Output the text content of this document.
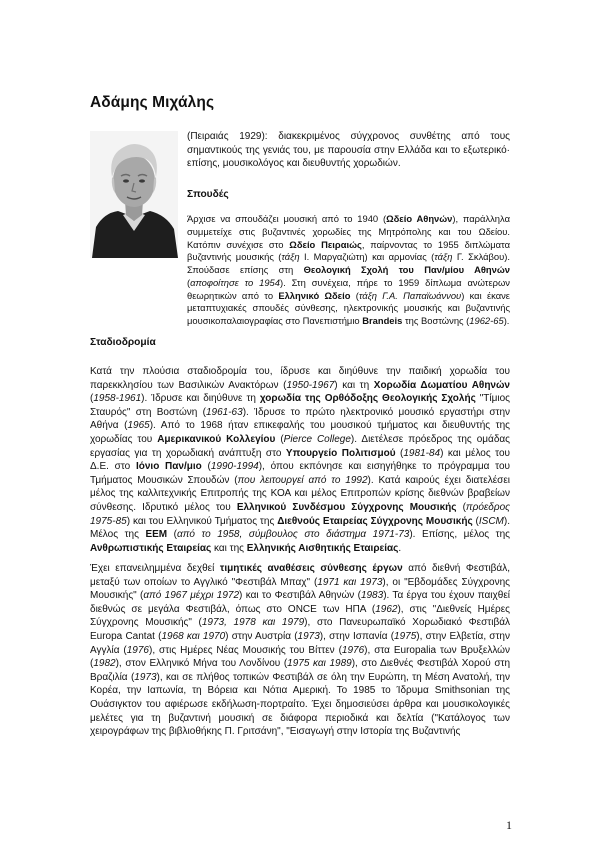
Αδάμης Μιχάλης
(Πειραιάς 1929): διακεκριμένος σύγχρονος συνθέτης από τους σημαντικούς της γενιάς του, με παρουσία στην Ελλάδα και το εξωτερικό· επίσης, μουσικολόγος και διευθυντής χορωδιών.
Σπουδές
Άρχισε να σπουδάζει μουσική από το 1940 (Ωδείο Αθηνών), παράλληλα συμμετείχε στις βυζαντινές χορωδίες της Μητρόπολης και του Ωδείου. Κατόπιν συνέχισε στο Ωδείο Πειραιώς, παίρνοντας το 1955 διπλώματα βυζαντινής μουσικής (τάξη Ι. Μαργαζιώτη) και αρμονίας (τάξη Γ. Σκλάβου). Σπούδασε επίσης στη Θεολογική Σχολή του Παν/μίου Αθηνών (αποφοίτησε το 1954). Στη συνέχεια, πήρε το 1959 δίπλωμα ανώτερων θεωρητικών από το Ελληνικό Ωδείο (τάξη Γ.Α. Παπαϊωάννου) και έκανε μεταπτυχιακές σπουδές σύνθεσης, ηλεκτρονικής μουσικής και βυζαντινής μουσικοπαλαιογραφίας στο Πανεπιστήμιο Brandeis της Βοστώνης (1962-65).
Σταδιοδρομία
Κατά την πλούσια σταδιοδρομία του, ίδρυσε και διηύθυνε την παιδική χορωδία του παρεκκλησίου των Βασιλικών Ανακτόρων (1950-1967) και τη Χορωδία Δωματίου Αθηνών (1958-1961). Ίδρυσε και διηύθυνε τη χορωδία της Ορθόδοξης Θεολογικής Σχολής "Τίμιος Σταυρός" στη Βοστώνη (1961-63). Ίδρυσε το πρώτο ηλεκτρονικό μουσικό εργαστήρι στην Αθήνα (1965). Από το 1968 ήταν επικεφαλής του μουσικού τμήματος και διευθυντής της χορωδίας του Αμερικανικού Κολλεγίου (Pierce College). Διετέλεσε πρόεδρος της ομάδας εργασίας για τη χορωδιακή ανάπτυξη στο Υπουργείο Πολιτισμού (1981-84) και μέλος του Δ.Ε. στο Ιόνιο Παν/μιο (1990-1994), όπου εκπόνησε και εισηγήθηκε το πρόγραμμα του Τμήματος Μουσικών Σπουδών (που λειτουργεί από το 1992). Κατά καιρούς έχει διατελέσει μέλος της καλλιτεχνικής Επιτροπής της ΚΟΑ και μέλος Επιτροπών κρίσης διεθνών βραβείων σύνθεσης. Ιδρυτικό μέλος του Ελληνικού Συνδέσμου Σύγχρονης Μουσικής (πρόεδρος 1975-85) και του Ελληνικού Τμήματος της Διεθνούς Εταιρείας Σύγχρονης Μουσικής (ISCM). Μέλος της ΕΕΜ (από το 1958, σύμβουλος στο διάστημα 1971-73). Επίσης, μέλος της Ανθρωπιστικής Εταιρείας και της Ελληνικής Αισθητικής Εταιρείας.
Έχει επανειλημμένα δεχθεί τιμητικές αναθέσεις σύνθεσης έργων από διεθνή Φεστιβάλ, μεταξύ των οποίων το Αγγλικό "Φεστιβάλ Μπαχ" (1971 και 1973), οι "Εβδομάδες Σύγχρονης Μουσικής" (από 1967 μέχρι 1972) και το Φεστιβάλ Αθηνών (1983). Τα έργα του έχουν παιχθεί διεθνώς σε μεγάλα Φεστιβάλ, όπως στο ONCE των ΗΠΑ (1962), στις "Διεθνείς Ημέρες Σύγχρονης Μουσικής" (1973, 1978 και 1979), στο Πανευρωπαϊκό Χορωδιακό Φεστιβάλ Europa Cantat (1968 και 1970) στην Αυστρία (1973), στην Ισπανία (1975), στην Ελβετία, στην Αγγλία (1976), στις Ημέρες Νέας Μουσικής του Βίττεν (1976), στα Europalia των Βρυξελλών (1982), στον Ελληνικό Μήνα του Λονδίνου (1975 και 1989), στο Διεθνές Φεστιβάλ Χορού στη Βραζιλία (1973), και σε πλήθος τοπικών Φεστιβάλ σε όλη την Ευρώπη, τη Μέση Ανατολή, την Κορέα, την Ιαπωνία, τη Βόρεια και Νότια Αμερική. Το 1985 το Ίδρυμα Smithsonian της Ουάσιγκτον του αφιέρωσε εκδήλωση-πορτραίτο. Έχει δημοσιεύσει άρθρα και μουσικολογικές μελέτες για τη βυζαντινή μουσική σε διάφορα περιοδικά και δελτία ("Κατάλογος των χειρογράφων της βιβλιοθήκης Π. Γριτσάνη", "Εισαγωγή στην Ιστορία της Βυζαντινής
1
